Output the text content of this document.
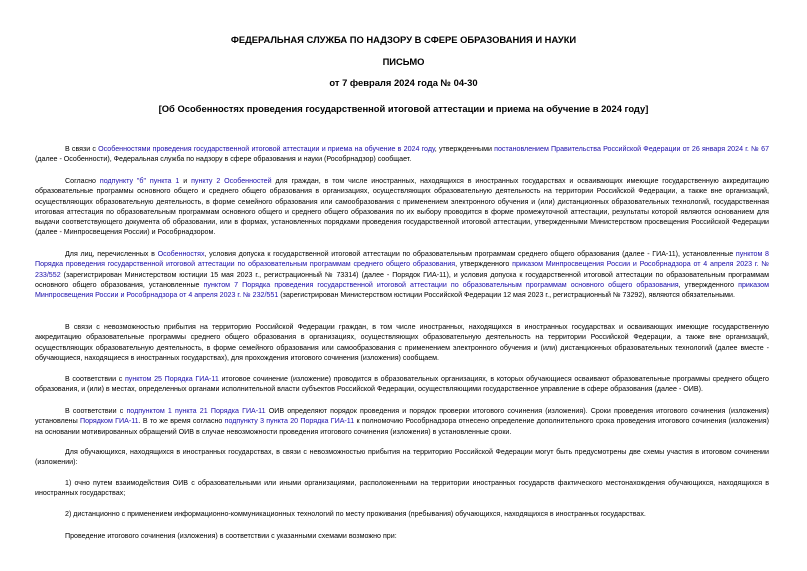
ФЕДЕРАЛЬНАЯ СЛУЖБА ПО НАДЗОРУ В СФЕРЕ ОБРАЗОВАНИЯ И НАУКИ
ПИСЬМО
от 7 февраля 2024 года № 04-30
[Об Особенностях проведения государственной итоговой аттестации и приема на обучение в 2024 году]

В связи с Особенностями проведения государственной итоговой аттестации и приема на обучение в 2024 году, утвержденными постановлением Правительства Российской Федерации от 26 января 2024 г. № 67 (далее - Особенности), Федеральная служба по надзору в сфере образования и науки (Рособрнадзор) сообщает.

Согласно подпункту "б" пункта 1 и пункту 2 Особенностей для граждан, в том числе иностранных, находящихся в иностранных государствах и осваивающих имеющие государственную аккредитацию образовательные программы основного общего и среднего общего образования в организациях, осуществляющих образовательную деятельность на территории Российской Федерации, а также вне организаций, осуществляющих образовательную деятельность, в форме семейного образования или самообразования с применением электронного обучения и (или) дистанционных образовательных технологий, государственная итоговая аттестация по образовательным программам основного общего и среднего общего образования по их выбору проводится в форме промежуточной аттестации, результаты которой являются основанием для выдачи соответствующего документа об образовании, или в формах, установленных порядками проведения государственной итоговой аттестации, утвержденными Министерством просвещения Российской Федерации (далее - Минпросвещения России) и Рособрнадзором.

Для лиц, перечисленных в Особенностях, условия допуска к государственной итоговой аттестации по образовательным программам среднего общего образования (далее - ГИА-11), установленные пунктом 8 Порядка проведения государственной итоговой аттестации по образовательным программам среднего общего образования, утвержденного приказом Минпросвещения России и Рособрнадзора от 4 апреля 2023 г. № 233/552 (зарегистрирован Министерством юстиции 15 мая 2023 г., регистрационный № 73314) (далее - Порядок ГИА-11), и условия допуска к государственной итоговой аттестации по образовательным программам основного общего образования, установленные пунктом 7 Порядка проведения государственной итоговой аттестации по образовательным программам основного общего образования, утвержденного приказом Минпросвещения России и Рособрнадзора от 4 апреля 2023 г. № 232/551 (зарегистрирован Министерством юстиции Российской Федерации 12 мая 2023 г., регистрационный № 73292), являются обязательными.

В связи с невозможностью прибытия на территорию Российской Федерации граждан, в том числе иностранных, находящихся в иностранных государствах и осваивающих имеющие государственную аккредитацию образовательные программы среднего общего образования в организациях, осуществляющих образовательную деятельность на территории Российской Федерации, а также вне организаций, осуществляющих образовательную деятельность, в форме семейного образования или самообразования с применением электронного обучения и (или) дистанционных образовательных технологий (далее вместе - обучающиеся, находящиеся в иностранных государствах), для прохождения итогового сочинения (изложения) сообщаем.

В соответствии с пунктом 25 Порядка ГИА-11 итоговое сочинение (изложение) проводится в образовательных организациях, в которых обучающиеся осваивают образовательные программы среднего общего образования, и (или) в местах, определенных органами исполнительной власти субъектов Российской Федерации, осуществляющими государственное управление в сфере образования (далее - ОИВ).

В соответствии с подпунктом 1 пункта 21 Порядка ГИА-11 ОИВ определяют порядок проведения и порядок проверки итогового сочинения (изложения). Сроки проведения итогового сочинения (изложения) установлены Порядком ГИА-11. В то же время согласно подпункту 3 пункта 20 Порядка ГИА-11 к полномочию Рособрнадзора отнесено определение дополнительного срока проведения итогового сочинения (изложения) на основании мотивированных обращений ОИВ в случае невозможности проведения итогового сочинения (изложения) в установленные сроки.

Для обучающихся, находящихся в иностранных государствах, в связи с невозможностью прибытия на территорию Российской Федерации могут быть предусмотрены две схемы участия в итоговом сочинении (изложении):

1) очно путем взаимодействия ОИВ с образовательными или иными организациями, расположенными на территории иностранных государств фактического местонахождения обучающихся, находящихся в иностранных государствах;

2) дистанционно с применением информационно-коммуникационных технологий по месту проживания (пребывания) обучающихся, находящихся в иностранных государствах.

Проведение итогового сочинения (изложения) в соответствии с указанными схемами возможно при:
